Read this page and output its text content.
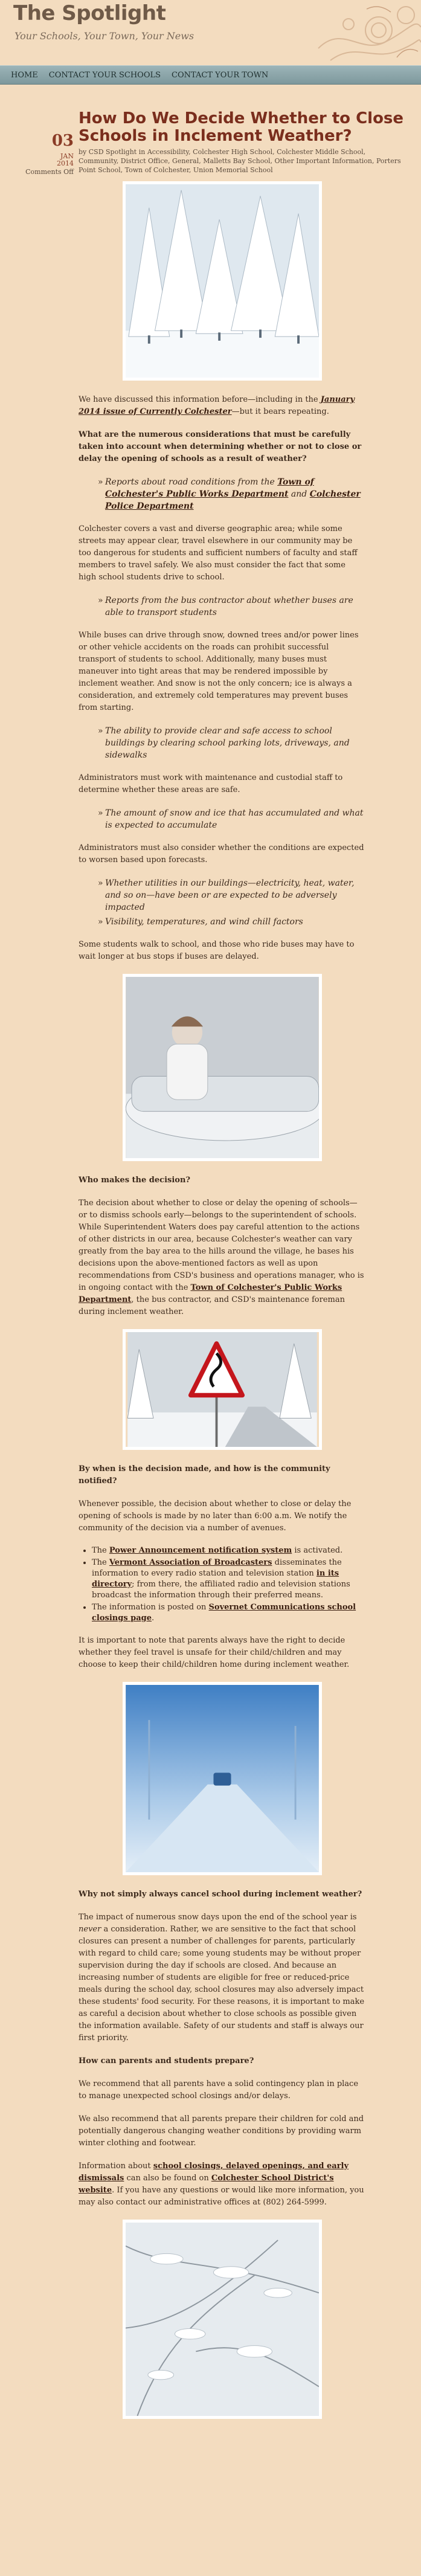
The Spotlight
Your Schools, Your Town, Your News
HOME CONTACT YOUR SCHOOLS CONTACT YOUR TOWN
03
JAN
2014
Comments Off
How Do We Decide Whether to Close Schools in Inclement Weather?
by CSD Spotlight in Accessibility, Colchester High School, Colchester Middle School, Community, District Office, General, Malletts Bay School, Other Important Information, Porters Point School, Town of Colchester, Union Memorial School

We have discussed this information before—including in the January 2014 issue of Currently Colchester—but it bears repeating.

What are the numerous considerations that must be carefully taken into account when determining whether or not to close or delay the opening of schools as a result of weather?

» Reports about road conditions from the Town of Colchester's Public Works Department and Colchester Police Department

Colchester covers a vast and diverse geographic area; while some streets may appear clear, travel elsewhere in our community may be too dangerous for students and sufficient numbers of faculty and staff members to travel safely. We also must consider the fact that some high school students drive to school.

» Reports from the bus contractor about whether buses are able to transport students

While buses can drive through snow, downed trees and/or power lines or other vehicle accidents on the roads can prohibit successful transport of students to school. Additionally, many buses must maneuver into tight areas that may be rendered impossible by inclement weather. And snow is not the only concern; ice is always a consideration, and extremely cold temperatures may prevent buses from starting.

» The ability to provide clear and safe access to school buildings by clearing school parking lots, driveways, and sidewalks

Administrators must work with maintenance and custodial staff to determine whether these areas are safe.

» The amount of snow and ice that has accumulated and what is expected to accumulate

Administrators must also consider whether the conditions are expected to worsen based upon forecasts.

» Whether utilities in our buildings—electricity, heat, water, and so on—have been or are expected to be adversely impacted
» Visibility, temperatures, and wind chill factors

Some students walk to school, and those who ride buses may have to wait longer at bus stops if buses are delayed.

Who makes the decision?

The decision about whether to close or delay the opening of schools—or to dismiss schools early—belongs to the superintendent of schools. While Superintendent Waters does pay careful attention to the actions of other districts in our area, because Colchester's weather can vary greatly from the bay area to the hills around the village, he bases his decisions upon the above-mentioned factors as well as upon recommendations from CSD's business and operations manager, who is in ongoing contact with the Town of Colchester's Public Works Department, the bus contractor, and CSD's maintenance foreman during inclement weather.

By when is the decision made, and how is the community notified?

Whenever possible, the decision about whether to close or delay the opening of schools is made by no later than 6:00 a.m. We notify the community of the decision via a number of avenues.

• The Power Announcement notification system is activated.
• The Vermont Association of Broadcasters disseminates the information to every radio station and television station in its directory; from there, the affiliated radio and television stations broadcast the information through their preferred means.
• The information is posted on Sovernet Communications school closings page.

It is important to note that parents always have the right to decide whether they feel travel is unsafe for their child/children and may choose to keep their child/children home during inclement weather.

Why not simply always cancel school during inclement weather?

The impact of numerous snow days upon the end of the school year is never a consideration. Rather, we are sensitive to the fact that school closures can present a number of challenges for parents, particularly with regard to child care; some young students may be without proper supervision during the day if schools are closed. And because an increasing number of students are eligible for free or reduced-price meals during the school day, school closures may also adversely impact these students' food security. For these reasons, it is important to make as careful a decision about whether to close schools as possible given the information available. Safety of our students and staff is always our first priority.

How can parents and students prepare?

We recommend that all parents have a solid contingency plan in place to manage unexpected school closings and/or delays.

We also recommend that all parents prepare their children for cold and potentially dangerous changing weather conditions by providing warm winter clothing and footwear.

Information about school closings, delayed openings, and early dismissals can also be found on Colchester School District's website. If you have any questions or would like more information, you may also contact our administrative offices at (802) 264-5999.
